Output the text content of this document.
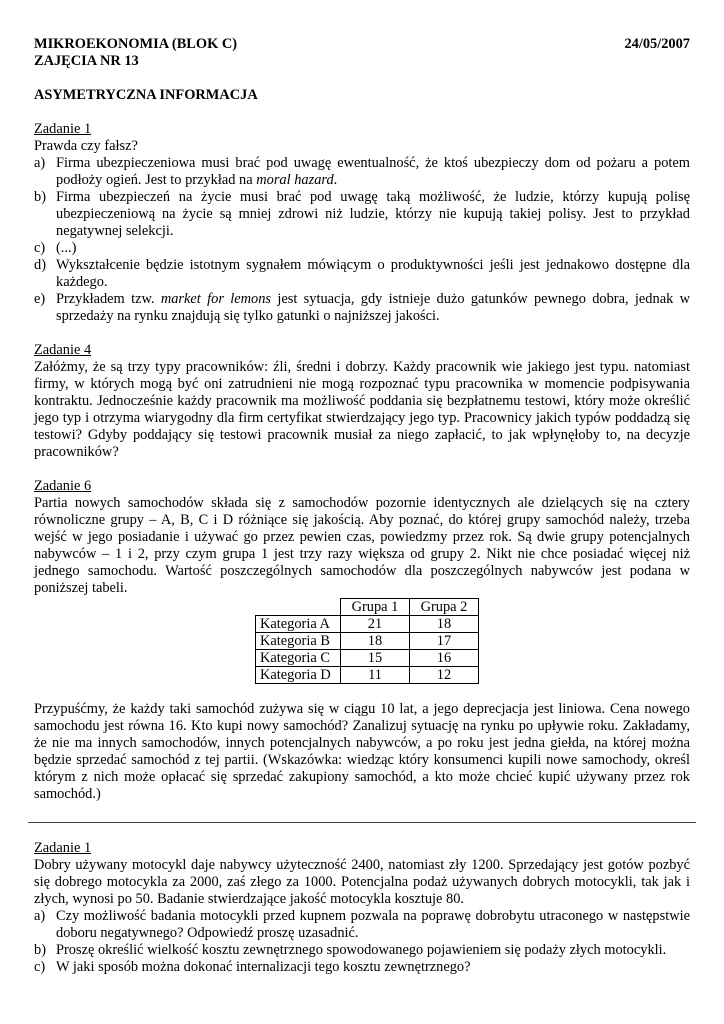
MIKROEKONOMIA (BLOK C)	24/05/2007
ZAJĘCIA NR 13
ASYMETRYCZNA INFORMACJA
Zadanie 1
Prawda czy fałsz?
a) Firma ubezpieczeniowa musi brać pod uwagę ewentualność, że ktoś ubezpieczy dom od pożaru a potem podłoży ogień. Jest to przykład na moral hazard.
b) Firma ubezpieczeń na życie musi brać pod uwagę taką możliwość, że ludzie, którzy kupują polisę ubezpieczeniową na życie są mniej zdrowi niż ludzie, którzy nie kupują takiej polisy. Jest to przykład negatywnej selekcji.
c) (...)
d) Wykształcenie będzie istotnym sygnałem mówiącym o produktywności jeśli jest jednakowo dostępne dla każdego.
e) Przykładem tzw. market for lemons jest sytuacja, gdy istnieje dużo gatunków pewnego dobra, jednak w sprzedaży na rynku znajdują się tylko gatunki o najniższej jakości.
Zadanie 4
Załóżmy, że są trzy typy pracowników: źli, średni i dobrzy. Każdy pracownik wie jakiego jest typu. natomiast firmy, w których mogą być oni zatrudnieni nie mogą rozpoznać typu pracownika w momencie podpisywania kontraktu. Jednocześnie każdy pracownik ma możliwość poddania się bezpłatnemu testowi, który może określić jego typ i otrzyma wiarygodny dla firm certyfikat stwierdzający jego typ. Pracownicy jakich typów poddadzą się testowi? Gdyby poddający się testowi pracownik musiał za niego zapłacić, to jak wpłynęłoby to, na decyzje pracowników?
Zadanie 6
Partia nowych samochodów składa się z samochodów pozornie identycznych ale dzielących się na cztery równoliczne grupy – A, B, C i D różniące się jakością. Aby poznać, do której grupy samochód należy, trzeba wejść w jego posiadanie i używać go przez pewien czas, powiedzmy przez rok. Są dwie grupy potencjalnych nabywców – 1 i 2, przy czym grupa 1 jest trzy razy większa od grupy 2. Nikt nie chce posiadać więcej niż jednego samochodu. Wartość poszczególnych samochodów dla poszczególnych nabywców jest podana w poniższej tabeli.
	Grupa 1	Grupa 2
Kategoria A	21	18
Kategoria B	18	17
Kategoria C	15	16
Kategoria D	11	12
Przypuśćmy, że każdy taki samochód zużywa się w ciągu 10 lat, a jego deprecjacja jest liniowa. Cena nowego samochodu jest równa 16. Kto kupi nowy samochód? Zanalizuj sytuację na rynku po upływie roku. Zakładamy, że nie ma innych samochodów, innych potencjalnych nabywców, a po roku jest jedna giełda, na której można będzie sprzedać samochód z tej partii. (Wskazówka: wiedząc który konsumenci kupili nowe samochody, określ którym z nich może opłacać się sprzedać zakupiony samochód, a kto może chcieć kupić używany przez rok samochód.)
Zadanie 1
Dobry używany motocykl daje nabywcy użyteczność 2400, natomiast zły 1200. Sprzedający jest gotów pozbyć się dobrego motocykla za 2000, zaś złego za 1000. Potencjalna podaż używanych dobrych motocykli, tak jak i złych, wynosi po 50. Badanie stwierdzające jakość motocykla kosztuje 80.
a) Czy możliwość badania motocykli przed kupnem pozwala na poprawę dobrobytu utraconego w następstwie doboru negatywnego? Odpowiedź proszę uzasadnić.
b) Proszę określić wielkość kosztu zewnętrznego spowodowanego pojawieniem się podaży złych motocykli.
c) W jaki sposób można dokonać internalizacji tego kosztu zewnętrznego?
